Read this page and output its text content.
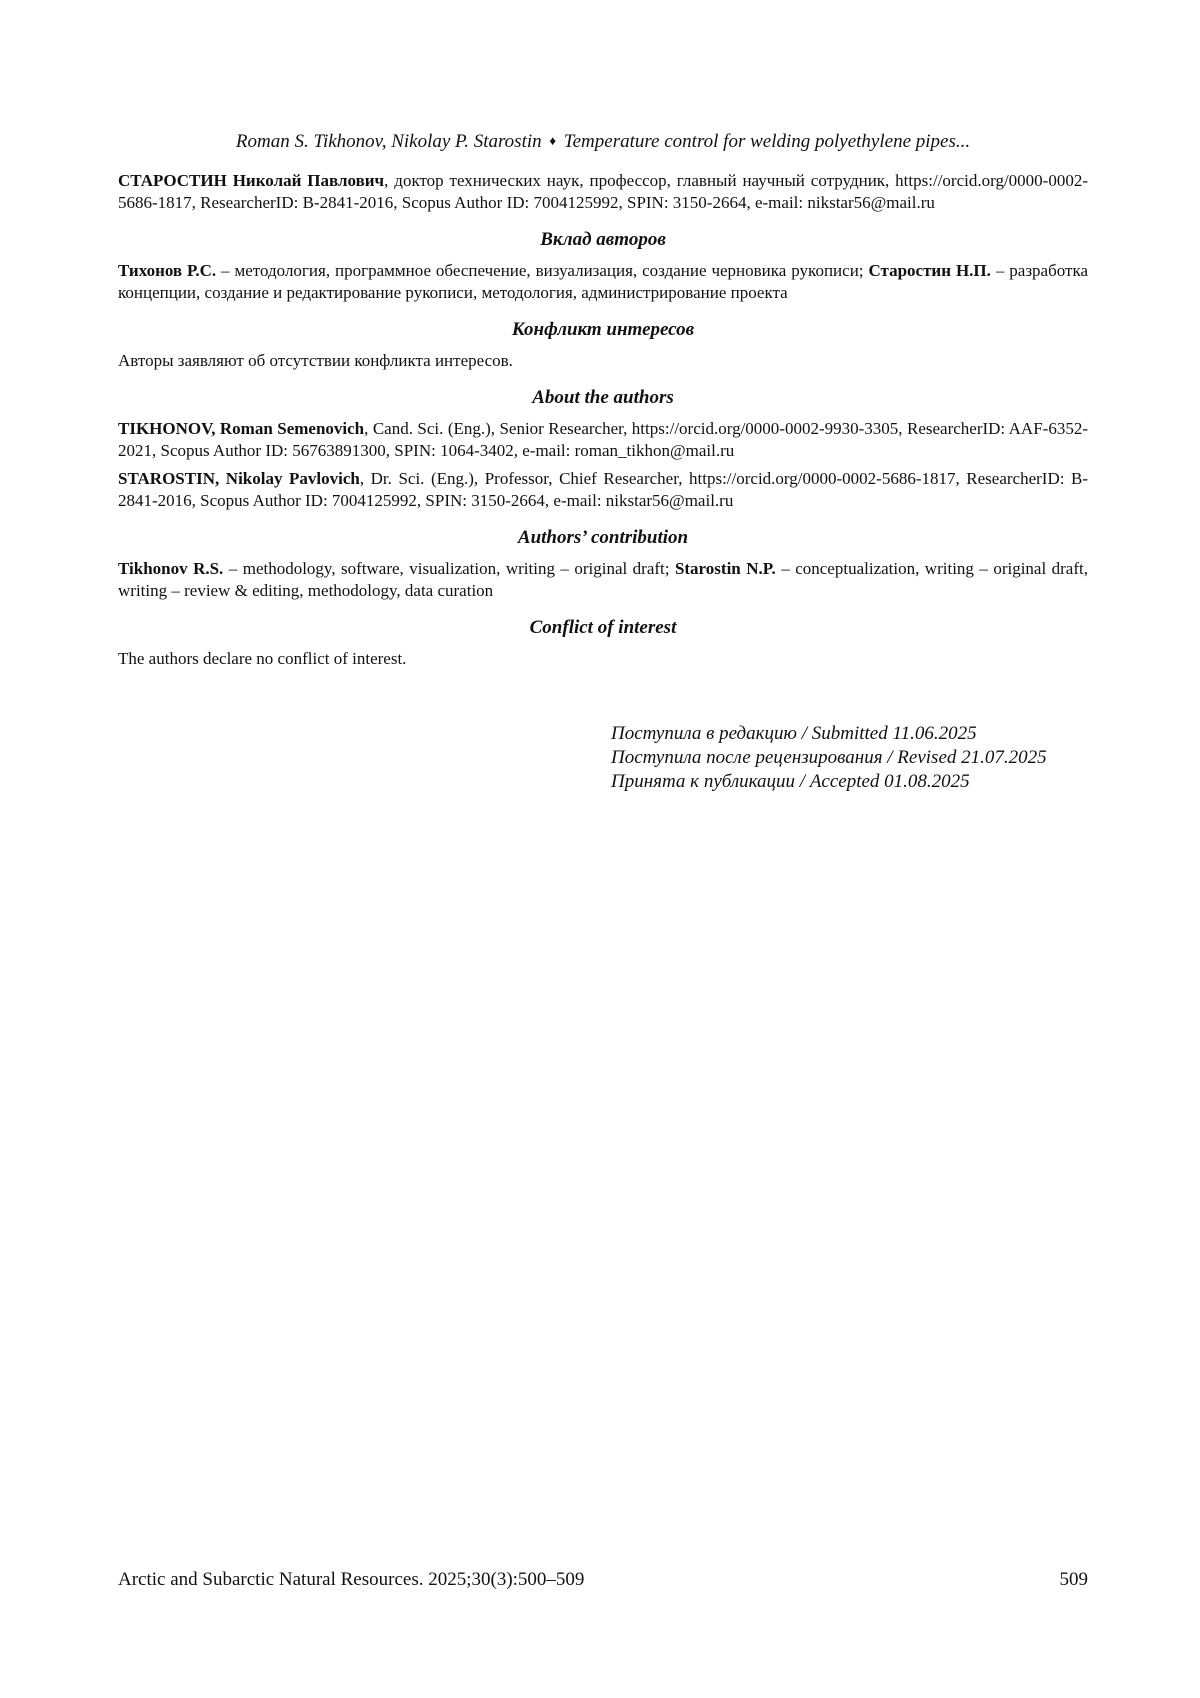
Roman S. Tikhonov, Nikolay P. Starostin ♦ Temperature control for welding polyethylene pipes...

СТАРОСТИН Николай Павлович, доктор технических наук, профессор, главный научный сотрудник, https://orcid.org/0000-0002-5686-1817, ResearcherID: B-2841-2016, Scopus Author ID: 7004125992, SPIN: 3150-2664, e-mail: nikstar56@mail.ru

Вклад авторов

Тихонов Р.С. – методология, программное обеспечение, визуализация, создание черновика рукописи; Старостин Н.П. – разработка концепции, создание и редактирование рукописи, методология, администрирование проекта

Конфликт интересов

Авторы заявляют об отсутствии конфликта интересов.

About the authors

TIKHONOV, Roman Semenovich, Cand. Sci. (Eng.), Senior Researcher, https://orcid.org/0000-0002-9930-3305, ResearcherID: AAF-6352-2021, Scopus Author ID: 56763891300, SPIN: 1064-3402, e-mail: roman_tikhon@mail.ru

STAROSTIN, Nikolay Pavlovich, Dr. Sci. (Eng.), Professor, Chief Researcher, https://orcid.org/0000-0002-5686-1817, ResearcherID: B-2841-2016, Scopus Author ID: 7004125992, SPIN: 3150-2664, e-mail: nikstar56@mail.ru

Authors’ contribution

Tikhonov R.S. – methodology, software, visualization, writing – original draft; Starostin N.P. – conceptualization, writing – original draft, writing – review & editing, methodology, data curation

Conflict of interest

The authors declare no conflict of interest.

Поступила в редакцию / Submitted 11.06.2025
Поступила после рецензирования / Revised 21.07.2025
Принята к публикации / Accepted 01.08.2025
Arctic and Subarctic Natural Resources. 2025;30(3):500–509	509
